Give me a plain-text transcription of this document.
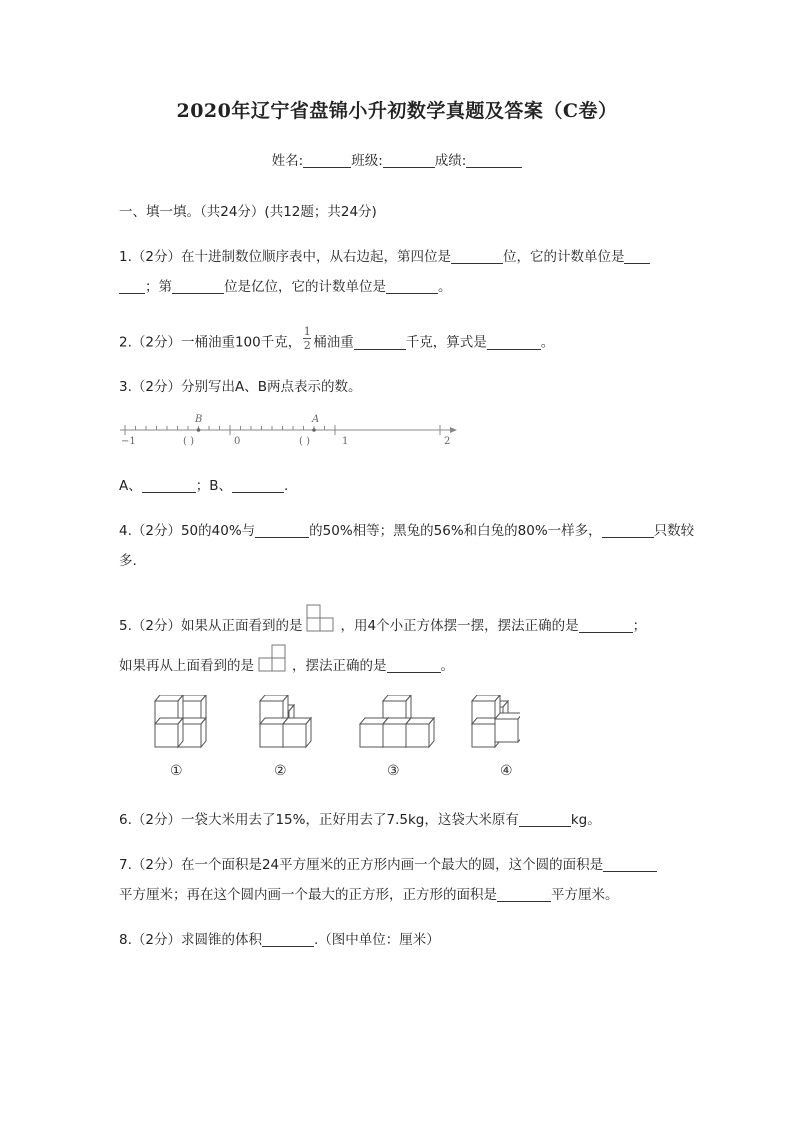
2020年辽宁省盘锦小升初数学真题及答案（C卷）
姓名:	班级:	成绩:
一、填一填。（共24分）(共12题；共24分)
1.（2分）在十进制数位顺序表中，从右边起，第四位是	位，它的计数单位是
；第	位是亿位，它的计数单位是	。
2.（2分）一桶油重100千克， $\frac{1}{2}$ 桶油重	千克，算式是	。
3.（2分）分别写出A、B两点表示的数。
B	A
−1	0	1	2
( )	( )
A、	；B、	.
4.（2分）50的40%与	的50%相等；黑兔的56%和白兔的80%一样多，	只数较
多.
5.（2分）如果从正面看到的是	，用4个小正方体摆一摆，摆法正确的是	；
如果再从上面看到的是	，摆法正确的是	。
①	②	③	④
6.（2分）一袋大米用去了15%，正好用去了7.5kg，这袋大米原有	kg。
7.（2分）在一个面积是24平方厘米的正方形内画一个最大的圆，这个圆的面积是
平方厘米；再在这个圆内画一个最大的正方形，正方形的面积是	平方厘米。
8.（2分）求圆锥的体积	.（图中单位：厘米）
